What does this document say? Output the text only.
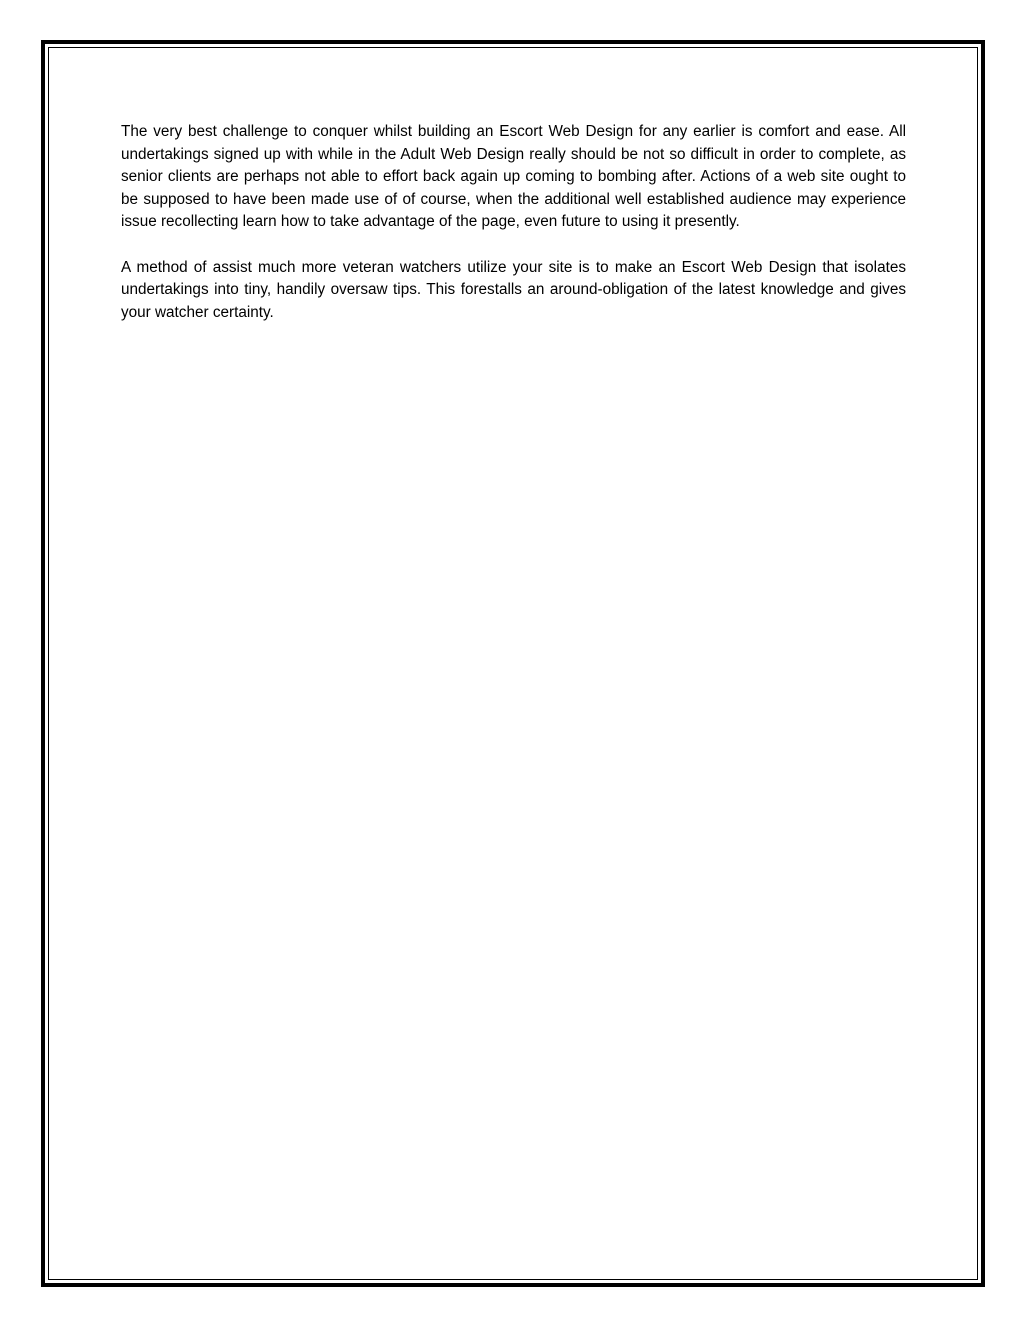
The very best challenge to conquer whilst building an Escort Web Design for any earlier is comfort and ease. All undertakings signed up with while in the Adult Web Design really should be not so difficult in order to complete, as senior clients are perhaps not able to effort back again up coming to bombing after. Actions of a web site ought to be supposed to have been made use of of course, when the additional well established audience may experience issue recollecting learn how to take advantage of the page, even future to using it presently.

A method of assist much more veteran watchers utilize your site is to make an Escort Web Design that isolates undertakings into tiny, handily oversaw tips. This forestalls an around-obligation of the latest knowledge and gives your watcher certainty.
